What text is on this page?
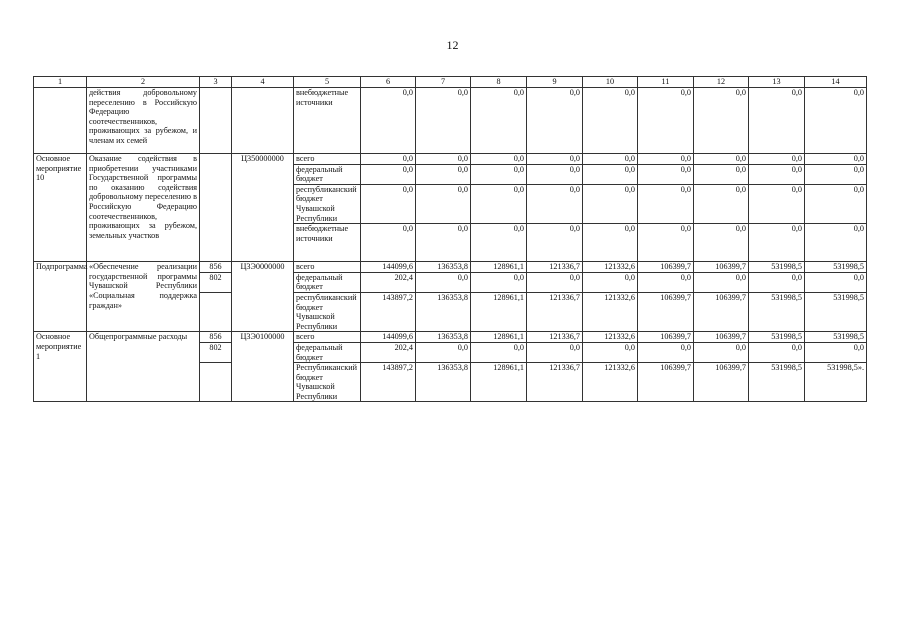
12
1	2	3	4	5	6	7	8	9	10	11	12	13	14
	действия добровольному переселению в Российскую Федерацию соотечественников, проживающих за рубежом, и членам их семей			внебюджетные источники	0,0	0,0	0,0	0,0	0,0	0,0	0,0	0,0	0,0
Основное мероприятие 10	Оказание содействия в приобретении участниками Государственной программы по оказанию содействия добровольному переселению в Российскую Федерацию соотечественников, проживающих за рубежом, земельных участков		Ц350000000	всего	0,0	0,0	0,0	0,0	0,0	0,0	0,0	0,0	0,0
				федеральный бюджет	0,0	0,0	0,0	0,0	0,0	0,0	0,0	0,0	0,0
				республиканский бюджет Чувашской Республики	0,0	0,0	0,0	0,0	0,0	0,0	0,0	0,0	0,0
				внебюджетные источники	0,0	0,0	0,0	0,0	0,0	0,0	0,0	0,0	0,0
Подпрограмма	«Обеспечение реализации государственной программы Чувашской Республики «Социальная поддержка граждан»	856	Ц3Э0000000	всего	144099,6	136353,8	128961,1	121336,7	121332,6	106399,7	106399,7	531998,5	531998,5
		802		федеральный бюджет	202,4	0,0	0,0	0,0	0,0	0,0	0,0	0,0	0,0
				республиканский бюджет Чувашской Республики	143897,2	136353,8	128961,1	121336,7	121332,6	106399,7	106399,7	531998,5	531998,5
Основное мероприятие 1	Общепрограммные расходы	856	Ц3Э0100000	всего	144099,6	136353,8	128961,1	121336,7	121332,6	106399,7	106399,7	531998,5	531998,5
		802		федеральный бюджет	202,4	0,0	0,0	0,0	0,0	0,0	0,0	0,0	0,0
				Республиканский бюджет Чувашской Республики	143897,2	136353,8	128961,1	121336,7	121332,6	106399,7	106399,7	531998,5	531998,5».
